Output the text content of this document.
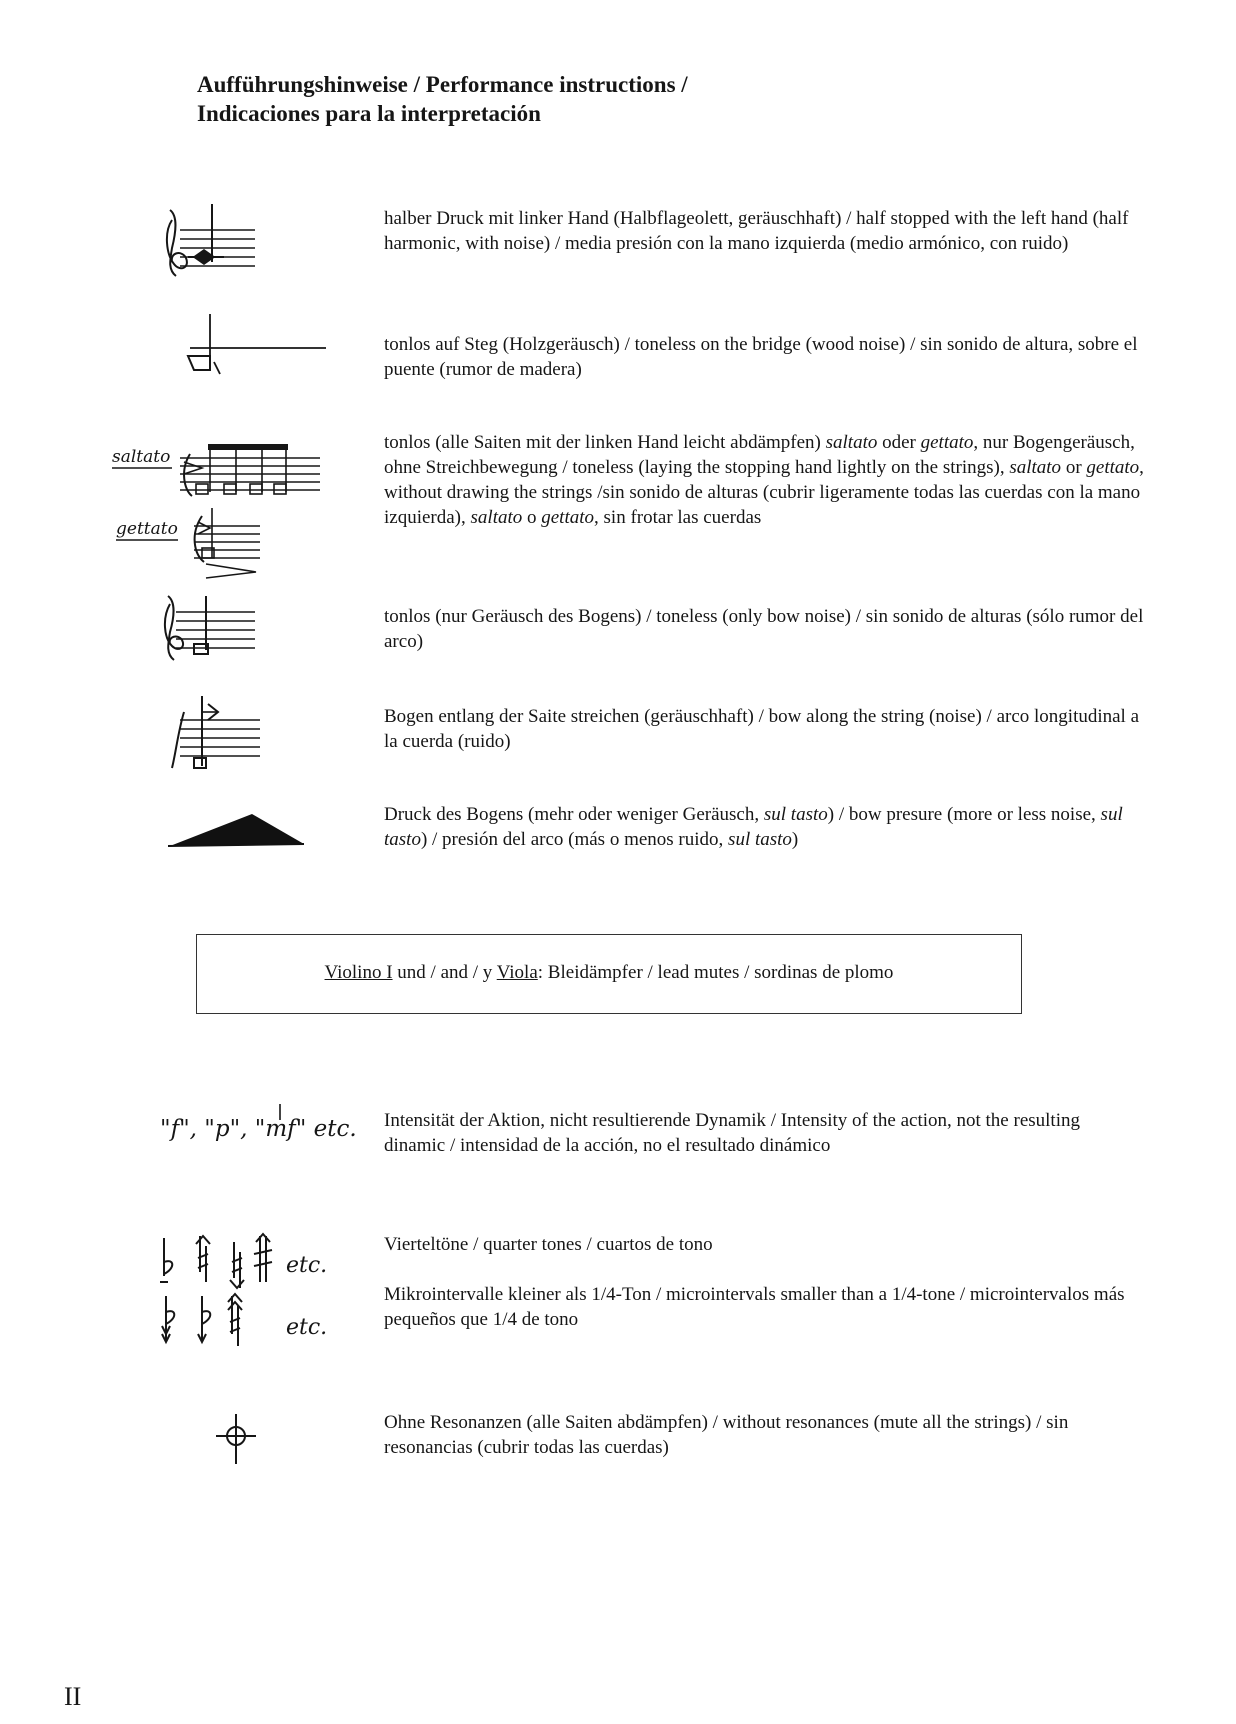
Aufführungshinweise / Performance instructions /
Indicaciones para la interpretación
halber Druck mit linker Hand (Halbflageolett, geräuschhaft) / half stopped with the left hand (half harmonic, with noise) / media presión con la mano izquierda (medio armónico, con ruido)
tonlos auf Steg (Holzgeräusch) / toneless on the bridge (wood noise) / sin sonido de altura, sobre el puente (rumor de madera)
saltato
gettato
tonlos (alle Saiten mit der linken Hand leicht abdämpfen) saltato oder gettato, nur Bogengeräusch, ohne Streichbewegung / toneless (laying the stopping hand lightly on the strings), saltato or gettato, without drawing the strings /sin sonido de alturas (cubrir ligeramente todas las cuerdas con la mano izquierda), saltato o gettato, sin frotar las cuerdas
tonlos (nur Geräusch des Bogens) / toneless (only bow noise) / sin sonido de alturas (sólo rumor del arco)
Bogen entlang der Saite streichen (geräuschhaft) / bow along the string (noise) / arco longitudinal a la cuerda (ruido)
Druck des Bogens (mehr oder weniger Geräusch, sul tasto) / bow presure (more or less noise, sul tasto) / presión del arco (más o menos ruido, sul tasto)
Violino I und / and / y Viola: Bleidämpfer / lead mutes / sordinas de plomo
"f", "p", "mf" etc. Intensität der Aktion, nicht resultierende Dynamik / Intensity of the action, not the resulting dinamic / intensidad de la acción, no el resultado dinámico
etc.
Vierteltöne / quarter tones / cuartos de tono
etc.
Mikrointervalle kleiner als 1/4-Ton / microintervals smaller than a 1/4-tone / microintervalos más pequeños que 1/4 de tono
Ohne Resonanzen (alle Saiten abdämpfen) / without resonances (mute all the strings) / sin resonancias (cubrir todas las cuerdas)
II
